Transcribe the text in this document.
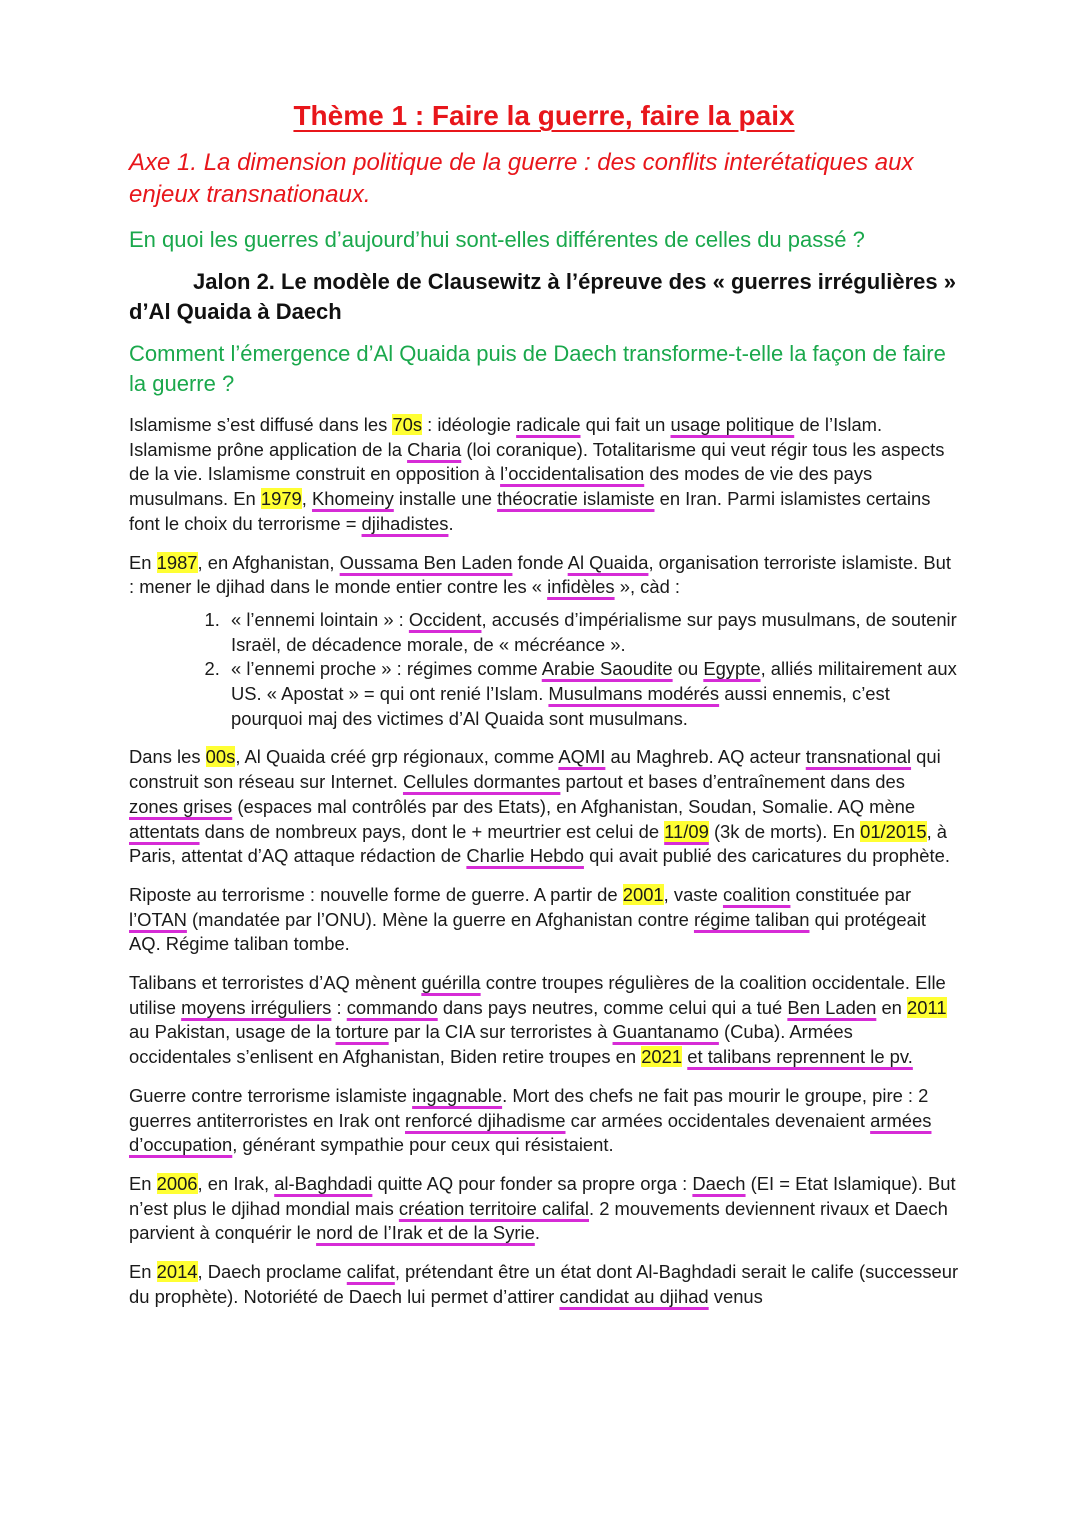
Thème 1 : Faire la guerre, faire la paix
Axe 1. La dimension politique de la guerre : des conflits interétatiques aux enjeux transnationaux.
En quoi les guerres d’aujourd’hui sont-elles différentes de celles du passé ?
Jalon 2. Le modèle de Clausewitz à l’épreuve des « guerres irrégulières » d’Al Quaida à Daech
Comment l’émergence d’Al Quaida puis de Daech transforme-t-elle la façon de faire la guerre ?

Islamisme s’est diffusé dans les 70s : idéologie radicale qui fait un usage politique de l’Islam. Islamisme prône application de la Charia (loi coranique). Totalitarisme qui veut régir tous les aspects de la vie. Islamisme construit en opposition à l’occidentalisation des modes de vie des pays musulmans. En 1979, Khomeiny installe une théocratie islamiste en Iran. Parmi islamistes certains font le choix du terrorisme = djihadistes.

En 1987, en Afghanistan, Oussama Ben Laden fonde Al Quaida, organisation terroriste islamiste. But : mener le djihad dans le monde entier contre les « infidèles », càd :

1. « l’ennemi lointain » : Occident, accusés d’impérialisme sur pays musulmans, de soutenir Israël, de décadence morale, de « mécréance ».
2. « l’ennemi proche » : régimes comme Arabie Saoudite ou Egypte, alliés militairement aux US. « Apostat » = qui ont renié l’Islam. Musulmans modérés aussi ennemis, c’est pourquoi maj des victimes d’Al Quaida sont musulmans.

Dans les 00s, Al Quaida créé grp régionaux, comme AQMI au Maghreb. AQ acteur transnational qui construit son réseau sur Internet. Cellules dormantes partout et bases d’entraînement dans des zones grises (espaces mal contrôlés par des Etats), en Afghanistan, Soudan, Somalie. AQ mène attentats dans de nombreux pays, dont le + meurtrier est celui de 11/09 (3k de morts). En 01/2015, à Paris, attentat d’AQ attaque rédaction de Charlie Hebdo qui avait publié des caricatures du prophète.

Riposte au terrorisme : nouvelle forme de guerre. A partir de 2001, vaste coalition constituée par l’OTAN (mandatée par l’ONU). Mène la guerre en Afghanistan contre régime taliban qui protégeait AQ. Régime taliban tombe.

Talibans et terroristes d’AQ mènent guérilla contre troupes régulières de la coalition occidentale. Elle utilise moyens irréguliers : commando dans pays neutres, comme celui qui a tué Ben Laden en 2011 au Pakistan, usage de la torture par la CIA sur terroristes à Guantanamo (Cuba). Armées occidentales s’enlisent en Afghanistan, Biden retire troupes en 2021 et talibans reprennent le pv.

Guerre contre terrorisme islamiste ingagnable. Mort des chefs ne fait pas mourir le groupe, pire : 2 guerres antiterroristes en Irak ont renforcé djihadisme car armées occidentales devenaient armées d’occupation, générant sympathie pour ceux qui résistaient.

En 2006, en Irak, al-Baghdadi quitte AQ pour fonder sa propre orga : Daech (EI = Etat Islamique). But n’est plus le djihad mondial mais création territoire califal. 2 mouvements deviennent rivaux et Daech parvient à conquérir le nord de l’Irak et de la Syrie.

En 2014, Daech proclame califat, prétendant être un état dont Al-Baghdadi serait le calife (successeur du prophète). Notoriété de Daech lui permet d’attirer candidat au djihad venus
